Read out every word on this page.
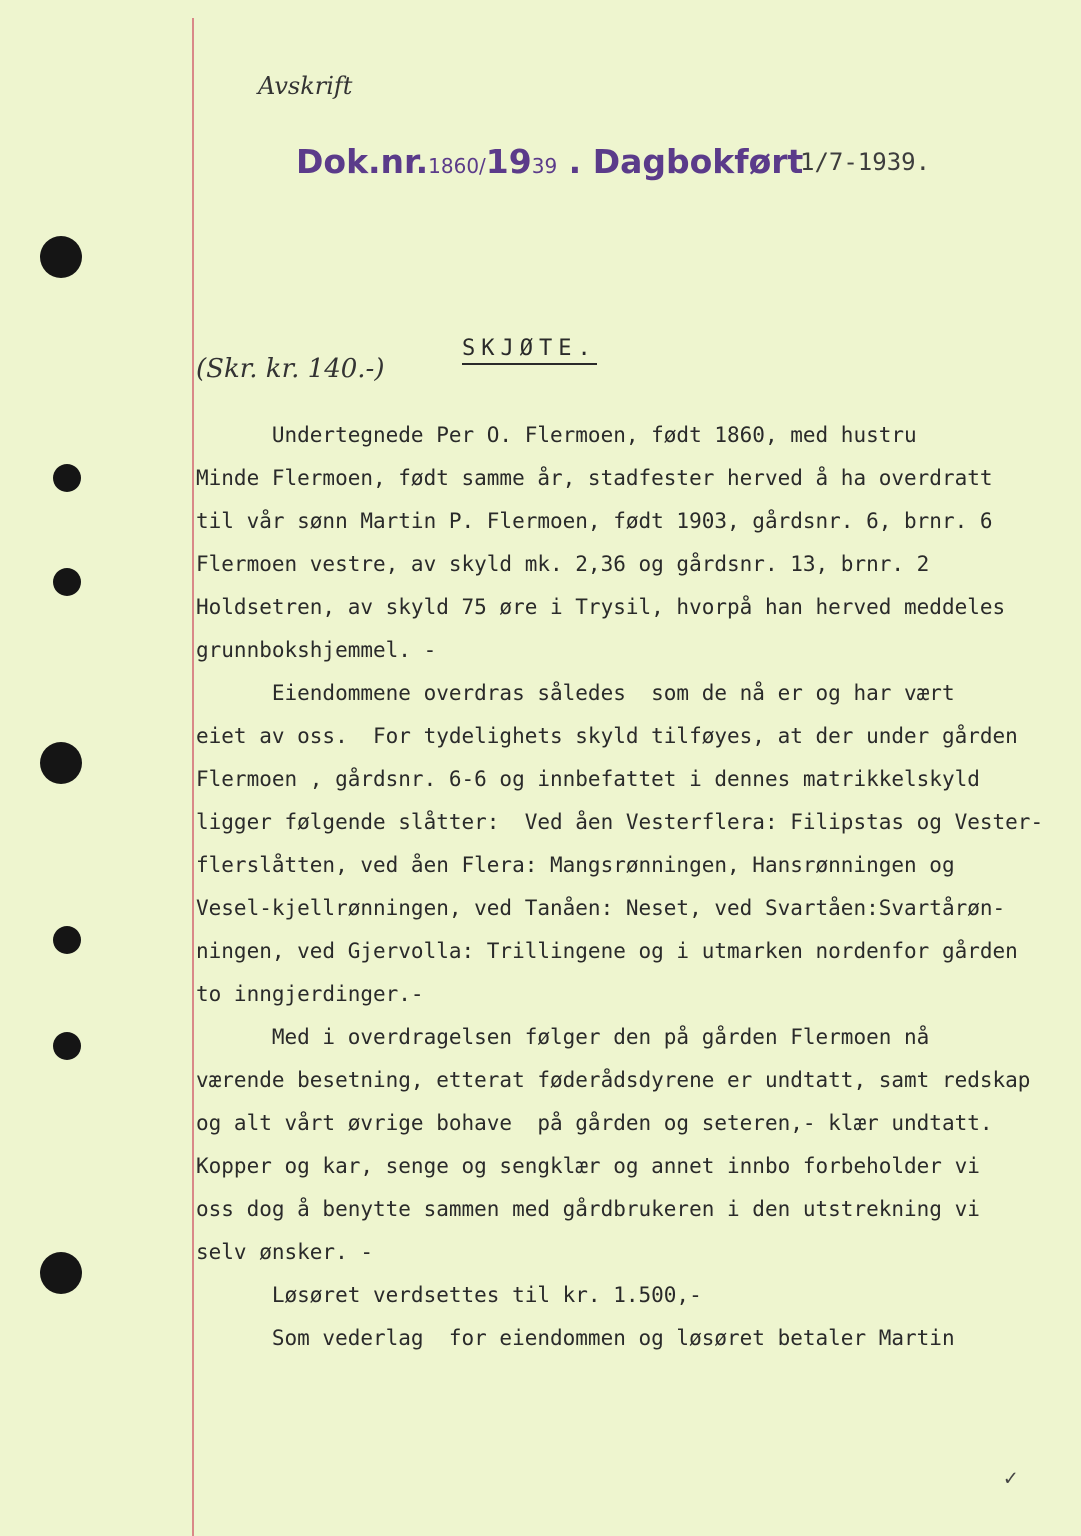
Avskrift
Dok.nr.1860/1939 . Dagbokført
1/7-1939.
(Skr. kr. 140.-)
SKJØTE.
Undertegnede Per O. Flermoen, født 1860, med hustru
Minde Flermoen, født samme år, stadfester herved å ha overdratt
til vår sønn Martin P. Flermoen, født 1903, gårdsnr. 6, brnr. 6
Flermoen vestre, av skyld mk. 2,36 og gårdsnr. 13, brnr. 2
Holdsetren, av skyld 75 øre i Trysil, hvorpå han herved meddeles
grunnbokshjemmel. -
Eiendommene overdras således  som de nå er og har vært
eiet av oss.  For tydelighets skyld tilføyes, at der under gården
Flermoen , gårdsnr. 6-6 og innbefattet i dennes matrikkelskyld
ligger følgende slåtter:  Ved åen Vesterflera: Filipstas og Vester-
flerslåtten, ved åen Flera: Mangsrønningen, Hansrønningen og
Vesel-kjellrønningen, ved Tanåen: Neset, ved Svartåen:Svartårøn-
ningen, ved Gjervolla: Trillingene og i utmarken nordenfor gården
to inngjerdinger.-
Med i overdragelsen følger den på gården Flermoen nå
værende besetning, etterat føderådsdyrene er undtatt, samt redskap
og alt vårt øvrige bohave  på gården og seteren,- klær undtatt.
Kopper og kar, senge og sengklær og annet innbo forbeholder vi
oss dog å benytte sammen med gårdbrukeren i den utstrekning vi
selv ønsker. -
Løsøret verdsettes til kr. 1.500,-
Som vederlag  for eiendommen og løsøret betaler Martin
✓
